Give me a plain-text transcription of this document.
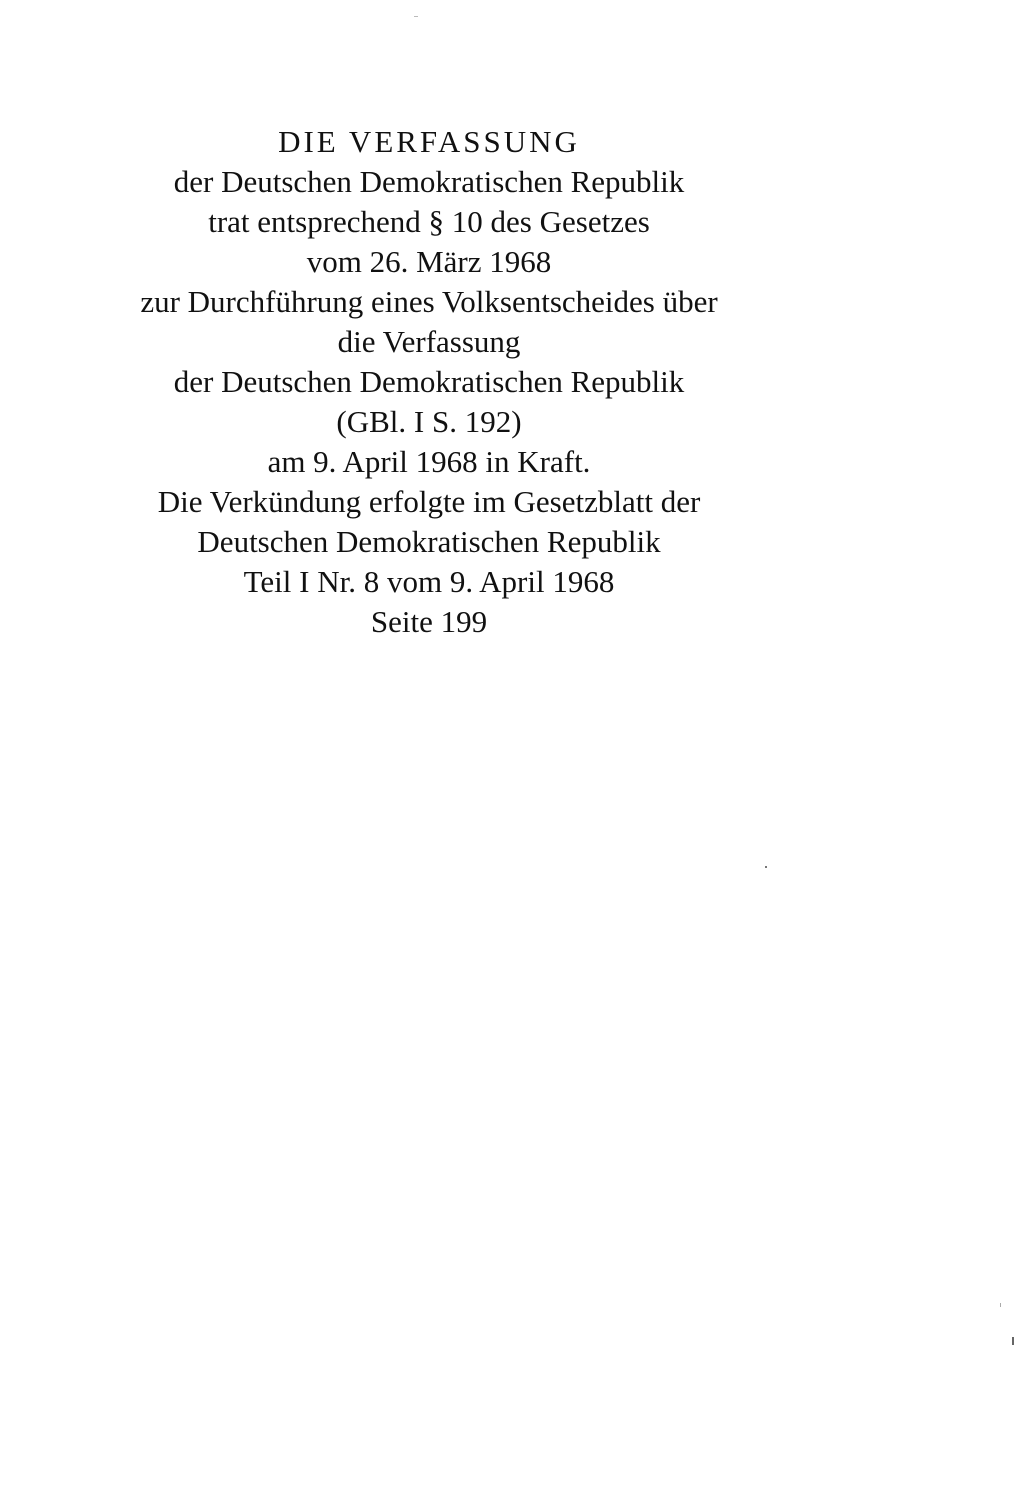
DIE VERFASSUNG
der Deutschen Demokratischen Republik
trat entsprechend § 10 des Gesetzes
vom 26. März 1968
zur Durchführung eines Volksentscheides über
die Verfassung
der Deutschen Demokratischen Republik
(GBl. I S. 192)
am 9. April 1968 in Kraft.
Die Verkündung erfolgte im Gesetzblatt der
Deutschen Demokratischen Republik
Teil I Nr. 8 vom 9. April 1968
Seite 199
